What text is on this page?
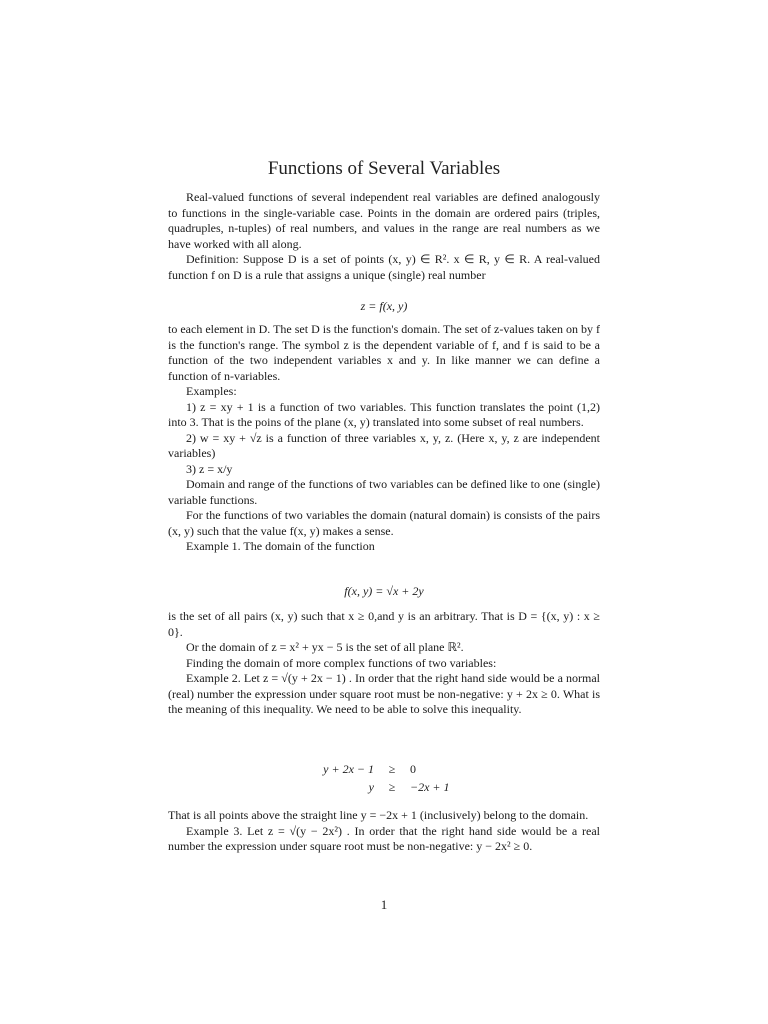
Functions of Several Variables

Real-valued functions of several independent real variables are defined analogously to functions in the single-variable case. Points in the domain are ordered pairs (triples, quadruples, n-tuples) of real numbers, and values in the range are real numbers as we have worked with all along.

Definition: Suppose D is a set of points (x, y) ∈ R². x ∈ R, y ∈ R. A real-valued function f on D is a rule that assigns a unique (single) real number

z = f(x, y)

to each element in D. The set D is the function's domain. The set of z-values taken on by f is the function's range. The symbol z is the dependent variable of f, and f is said to be a function of the two independent variables x and y. In like manner we can define a function of n-variables.

Examples:

1) z = xy + 1 is a function of two variables. This function translates the point (1,2) into 3. That is the poins of the plane (x, y) translated into some subset of real numbers.

2) w = xy + √z is a function of three variables x, y, z. (Here x, y, z are independent variables)

3) z = x/y

Domain and range of the functions of two variables can be defined like to one (single) variable functions.

For the functions of two variables the domain (natural domain) is consists of the pairs (x, y) such that the value f(x, y) makes a sense.

Example 1. The domain of the function

f(x, y) = √x + 2y

is the set of all pairs (x, y) such that x ≥ 0,and y is an arbitrary. That is D = {(x, y) : x ≥ 0}.

Or the domain of z = x² + yx − 5 is the set of all plane ℝ².

Finding the domain of more complex functions of two variables:

Example 2. Let z = √(y + 2x − 1) . In order that the right hand side would be a normal (real) number the expression under square root must be non-negative: y + 2x ≥ 0. What is the meaning of this inequality. We need to be able to solve this inequality.

y + 2x − 1 ≥ 0
y ≥ −2x + 1

That is all points above the straight line y = −2x + 1 (inclusively) belong to the domain.

Example 3. Let z = √(y − 2x²) . In order that the right hand side would be a real number the expression under square root must be non-negative: y − 2x² ≥ 0.

1
